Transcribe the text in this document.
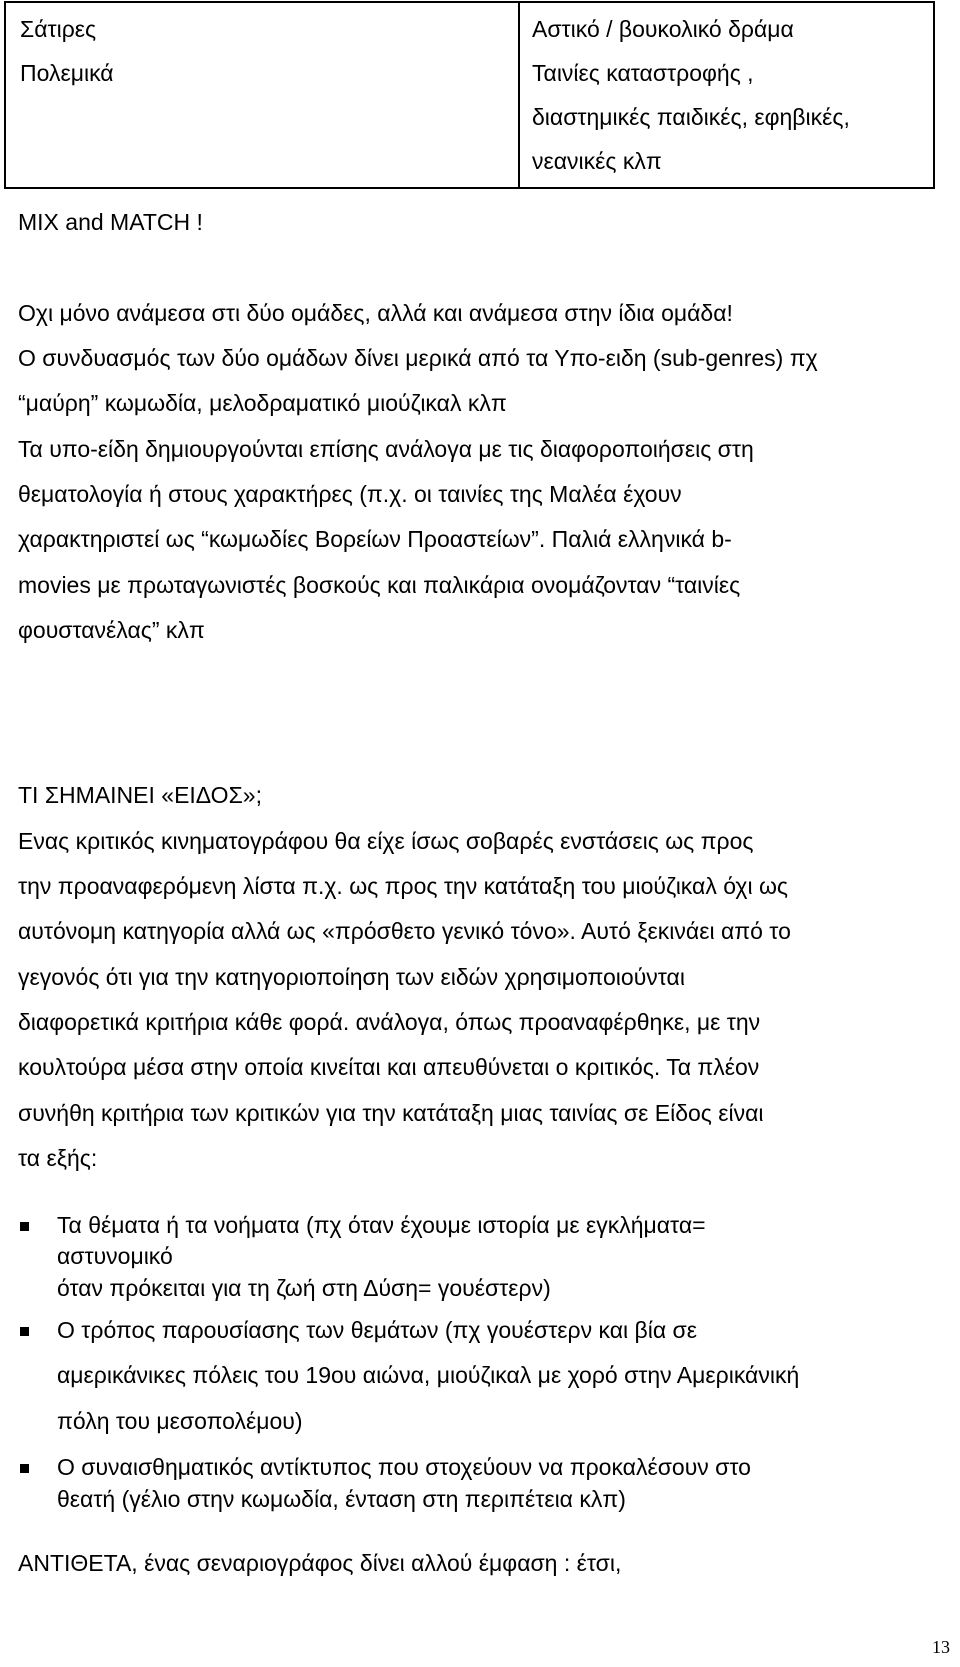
Σάτιρες
Πολεμικά
Αστικό / βουκολικό δράμα
Ταινίες καταστροφής ,
διαστημικές παιδικές, εφηβικές,
νεανικές κλπ
MIX and MATCH !
Οχι μόνο ανάμεσα στι δύο ομάδες, αλλά και ανάμεσα στην ίδια ομάδα!
Ο συνδυασμός των δύο ομάδων δίνει μερικά από τα Υπο-ειδη (sub-genres) πχ
“μαύρη” κωμωδία, μελοδραματικό μιούζικαλ κλπ
Τα υπο-είδη δημιουργούνται επίσης ανάλογα με τις διαφοροποιήσεις στη
θεματολογία ή στους χαρακτήρες (π.χ. οι ταινίες της Μαλέα έχουν
χαρακτηριστεί ως “κωμωδίες Βορείων Προαστείων”. Παλιά ελληνικά b-
movies με πρωταγωνιστές βοσκούς και παλικάρια ονομάζονταν “ταινίες
φουστανέλας” κλπ
ΤΙ ΣΗΜΑΙΝΕΙ «ΕΙΔΟΣ»;
Ενας κριτικός κινηματογράφου θα είχε ίσως σοβαρές ενστάσεις ως προς
την προαναφερόμενη λίστα π.χ. ως προς την κατάταξη του μιούζικαλ όχι ως
αυτόνομη κατηγορία αλλά ως «πρόσθετο γενικό τόνο». Αυτό ξεκινάει από το
γεγονός ότι για την κατηγοριοποίηση των ειδών χρησιμοποιούνται
διαφορετικά κριτήρια κάθε φορά. ανάλογα, όπως προαναφέρθηκε, με την
κουλτούρα μέσα στην οποία κινείται και απευθύνεται ο κριτικός. Τα πλέον
συνήθη κριτήρια των κριτικών για την κατάταξη μιας ταινίας σε Είδος είναι
τα εξής:
Τα θέματα ή τα νοήματα (πχ όταν έχουμε ιστορία με εγκλήματα=
αστυνομικό
όταν πρόκειται για τη ζωή στη Δύση= γουέστερν)
Ο τρόπος παρουσίασης των θεμάτων (πχ γουέστερν και βία σε
αμερικάνικες πόλεις του 19ου αιώνα, μιούζικαλ με χορό στην Αμερικάνική
πόλη του μεσοπολέμου)
Ο συναισθηματικός αντίκτυπος που στοχεύουν να προκαλέσουν στο
θεατή (γέλιο στην κωμωδία, ένταση στη περιπέτεια κλπ)
ΑΝΤΙΘΕΤΑ, ένας σεναριογράφος δίνει αλλού έμφαση : έτσι,
13
